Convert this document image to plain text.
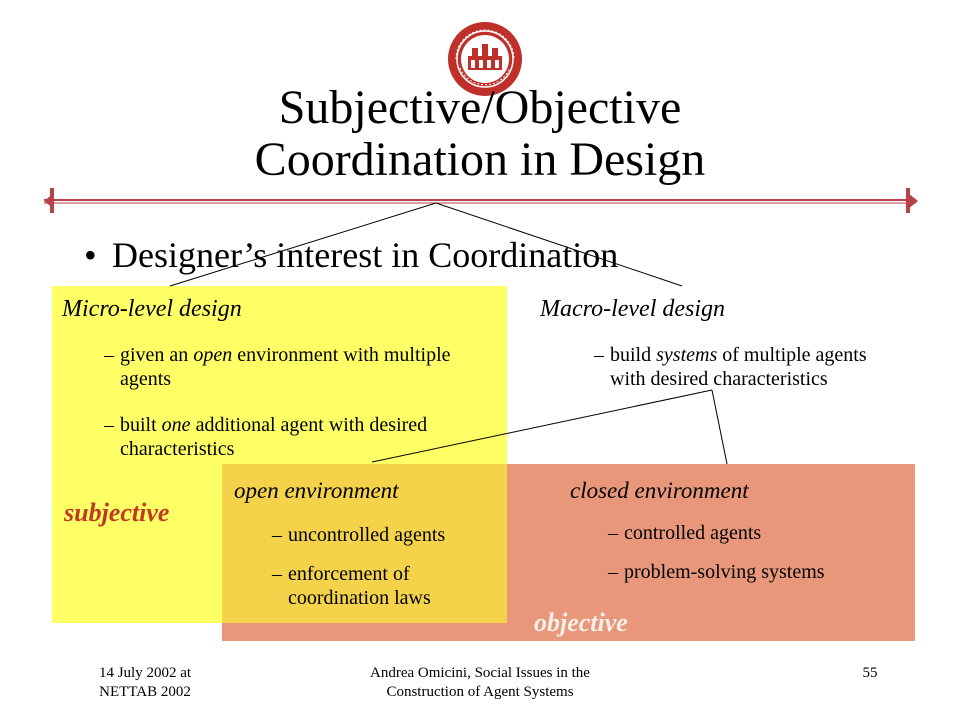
Subjective/Objective
Coordination in Design
• Designer’s interest in Coordination
Micro-level design
– given an open environment with multiple agents
– built one additional agent with desired characteristics
Macro-level design
– build systems of multiple agents with desired characteristics
open environment
– uncontrolled agents
– enforcement of coordination laws
closed environment
– controlled agents
– problem-solving systems
subjective
objective
14 July 2002 at
NETTAB 2002
Andrea Omicini, Social Issues in the
Construction of Agent Systems
55
